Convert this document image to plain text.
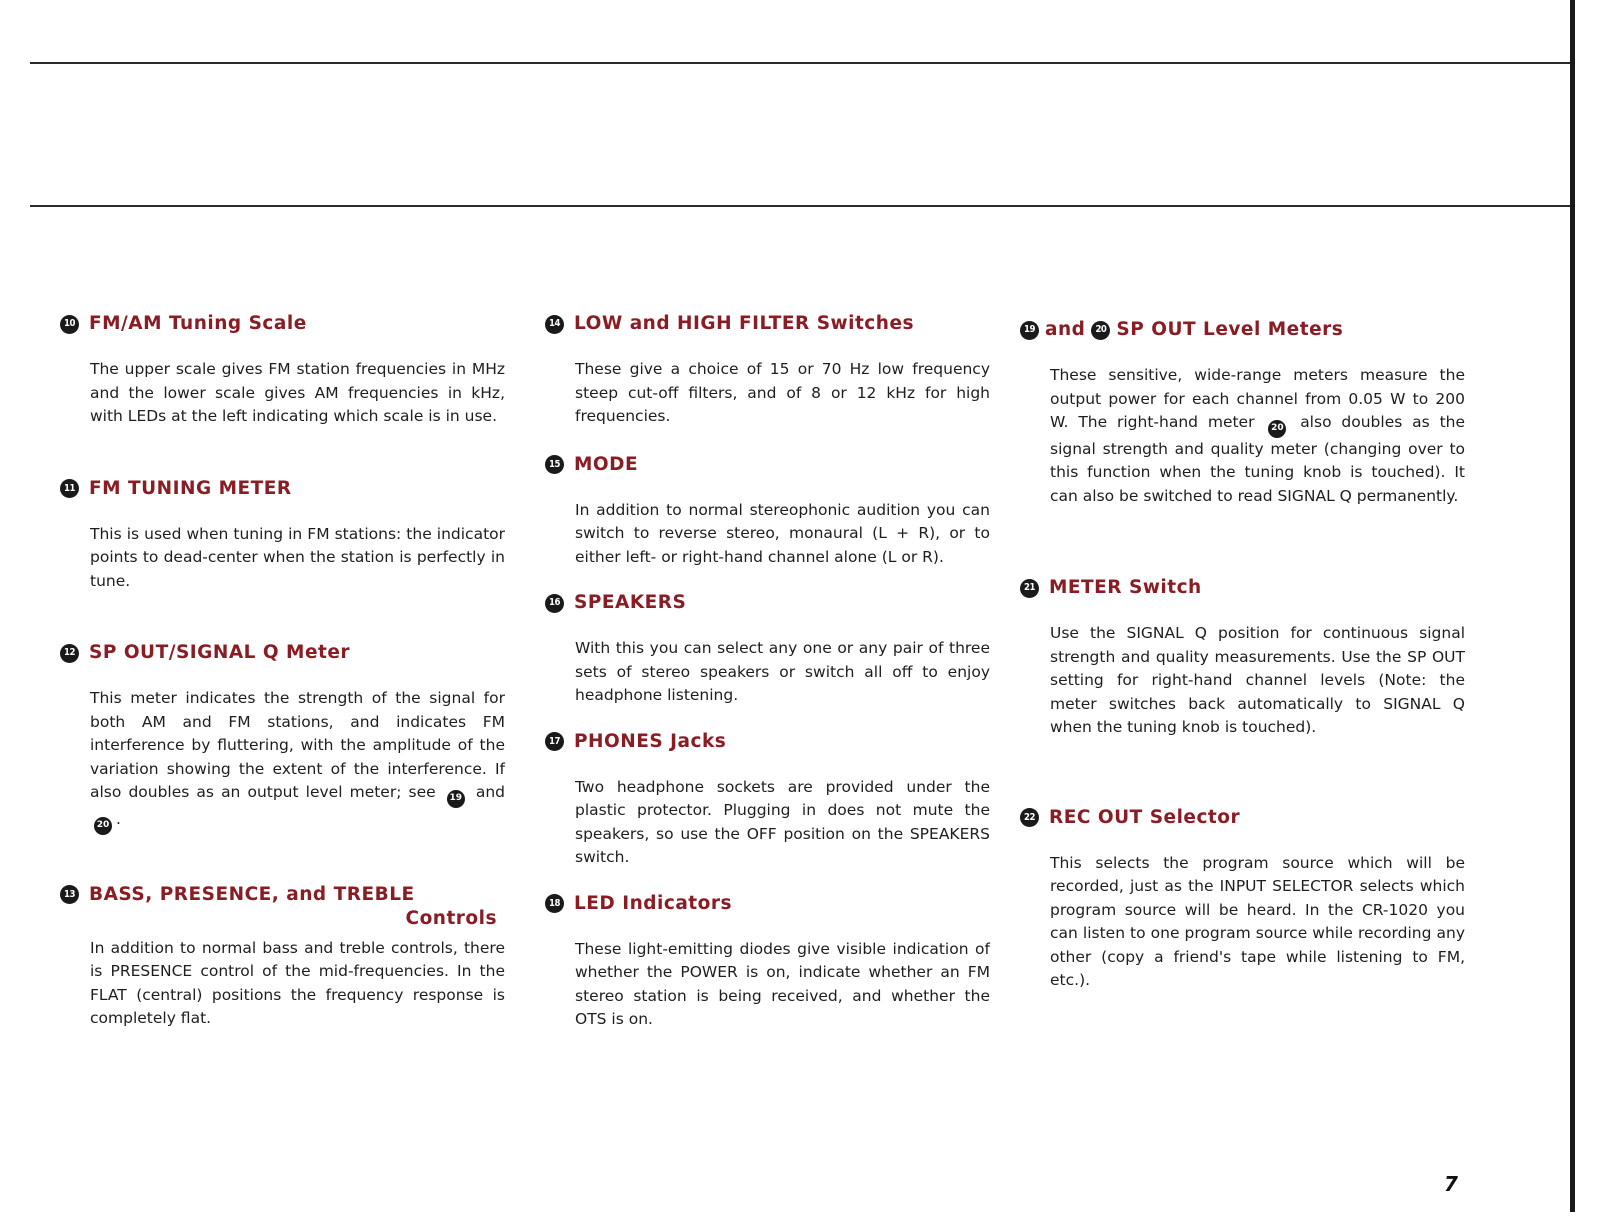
10 FM/AM Tuning Scale
The upper scale gives FM station frequencies in MHz and the lower scale gives AM frequencies in kHz, with LEDs at the left indicating which scale is in use.
11 FM TUNING METER
This is used when tuning in FM stations: the indicator points to dead-center when the station is perfectly in tune.
12 SP OUT/SIGNAL Q Meter
This meter indicates the strength of the signal for both AM and FM stations, and indicates FM interference by fluttering, with the amplitude of the variation showing the extent of the interference. If also doubles as an output level meter; see 19 and 20 .
13 BASS, PRESENCE, and TREBLE
Controls
In addition to normal bass and treble controls, there is PRESENCE control of the mid-frequencies. In the FLAT (central) positions the frequency response is completely flat.
14 LOW and HIGH FILTER Switches
These give a choice of 15 or 70 Hz low frequency steep cut-off filters, and of 8 or 12 kHz for high frequencies.
15 MODE
In addition to normal stereophonic audition you can switch to reverse stereo, monaural (L + R), or to either left- or right-hand channel alone (L or R).
16 SPEAKERS
With this you can select any one or any pair of three sets of stereo speakers or switch all off to enjoy headphone listening.
17 PHONES Jacks
Two headphone sockets are provided under the plastic protector. Plugging in does not mute the speakers, so use the OFF position on the SPEAKERS switch.
18 LED Indicators
These light-emitting diodes give visible indication of whether the POWER is on, indicate whether an FM stereo station is being received, and whether the OTS is on.
19 and	20 SP OUT Level Meters
These sensitive, wide-range meters measure the output power for each channel from 0.05 W to 200 W. The right-hand meter 20 also doubles as the signal strength and quality meter (changing over to this function when the tuning knob is touched). It can also be switched to read SIGNAL Q permanently.
21 METER Switch
Use the SIGNAL Q position for continuous signal strength and quality measurements. Use the SP OUT setting for right-hand channel levels (Note: the meter switches back automatically to SIGNAL Q when the tuning knob is touched).
22 REC OUT Selector
This selects the program source which will be recorded, just as the INPUT SELECTOR selects which program source will be heard. In the CR-1020 you can listen to one program source while recording any other (copy a friend's tape while listening to FM, etc.).
7
